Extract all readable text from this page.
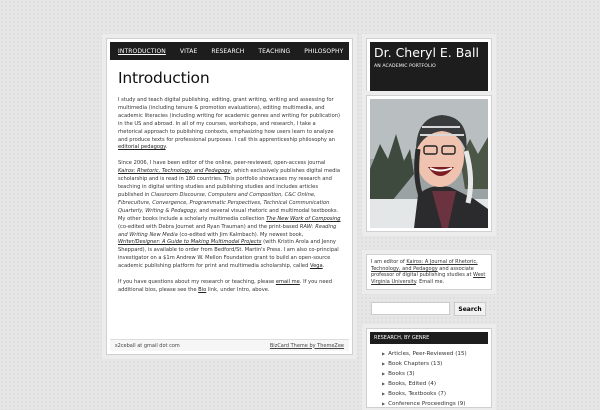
INTRODUCTION VITAE RESEARCH TEACHING PHILOSOPHY
Introduction

I study and teach digital publishing, editing, grant writing, writing and assessing for multimedia (including tenure & promotion evaluations), editing multimedia, and academic literacies (including writing for academic genres and writing for publication) in the US and abroad. In all of my courses, workshops, and research, I take a rhetorical approach to publishing contexts, emphasizing how users learn to analyze and produce texts for professional purposes. I call this apprenticeship philosophy an editorial pedagogy.

Since 2006, I have been editor of the online, peer-reviewed, open-access journal Kairos: Rhetoric, Technology, and Pedagogy, which exclusively publishes digital media scholarship and is read in 180 countries. This portfolio showcases my research and teaching in digital writing studies and publishing studies and includes articles published in Classroom Discourse, Computers and Composition, C&C Online, Fibreculture, Convergence, Programmatic Perspectives, Technical Communication Quarterly, Writing & Pedagogy, and several visual rhetoric and multimodal textbooks. My other books include a scholarly multimedia collection The New Work of Composing (co-edited with Debra Journet and Ryan Trauman) and the print-based RAW: Reading and Writing New Media (co-edited with Jim Kalmbach). My newest book, Writer/Designer: A Guide to Making Multimodal Projects (with Kristin Arola and Jenny Sheppard), is available to order from Bedford/St. Martin's Press. I am also co-principal investigator on a $1m Andrew W. Mellon Foundation grant to build an open-source academic publishing platform for print and multimedia scholarship, called Vega.

If you have questions about my research or teaching, please email me. If you need additional bios, please see the Bio link, under Intro, above.

s2ceball at gmail dot com	BizCard Theme by ThemeZee
Dr. Cheryl E. Ball
AN ACADEMIC PORTFOLIO
I am editor of Kairos: A Journal of Rhetoric, Technology, and Pedagogy and associate professor of digital publishing studies at West Virginia University. Email me.
Search
RESEARCH, BY GENRE
▶ Articles, Peer-Reviewed (15)
▶ Book Chapters (13)
▶ Books (3)
▶ Books, Edited (4)
▶ Books, Textbooks (7)
▶ Conference Proceedings (9)
